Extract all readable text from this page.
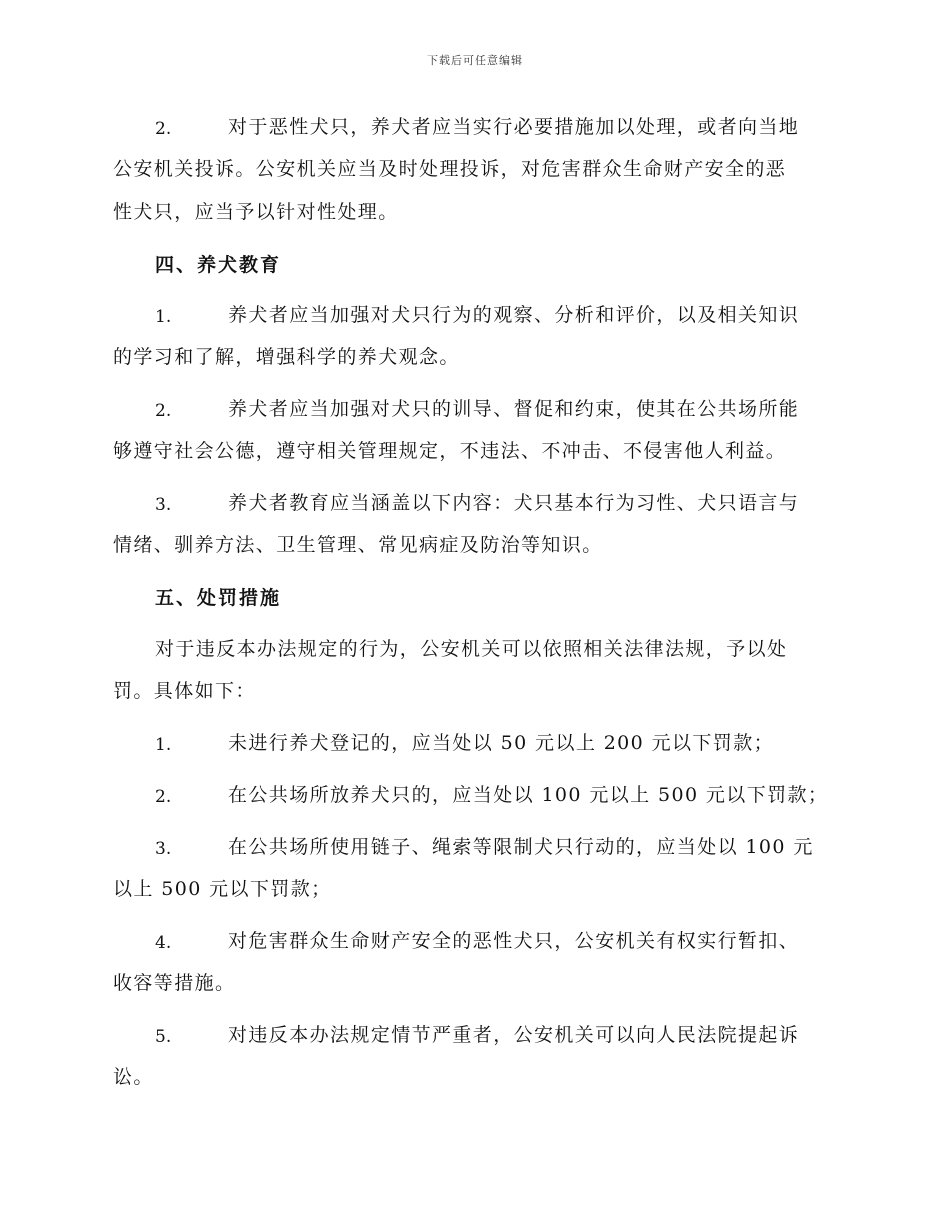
下载后可任意编辑
2.	对于恶性犬只，养犬者应当实行必要措施加以处理，或者向当地
公安机关投诉。公安机关应当及时处理投诉，对危害群众生命财产安全的恶
性犬只，应当予以针对性处理。
四、养犬教育
1.	养犬者应当加强对犬只行为的观察、分析和评价，以及相关知识
的学习和了解，增强科学的养犬观念。
2.	养犬者应当加强对犬只的训导、督促和约束，使其在公共场所能
够遵守社会公德，遵守相关管理规定，不违法、不冲击、不侵害他人利益。
3.	养犬者教育应当涵盖以下内容：犬只基本行为习性、犬只语言与
情绪、驯养方法、卫生管理、常见病症及防治等知识。
五、处罚措施
对于违反本办法规定的行为，公安机关可以依照相关法律法规，予以处
罚。具体如下：
1.	未进行养犬登记的，应当处以 50 元以上 200 元以下罚款；
2.	在公共场所放养犬只的，应当处以 100 元以上 500 元以下罚款；
3.	在公共场所使用链子、绳索等限制犬只行动的，应当处以 100 元
以上 500 元以下罚款；
4.	对危害群众生命财产安全的恶性犬只，公安机关有权实行暂扣、
收容等措施。
5.	对违反本办法规定情节严重者，公安机关可以向人民法院提起诉
讼。
